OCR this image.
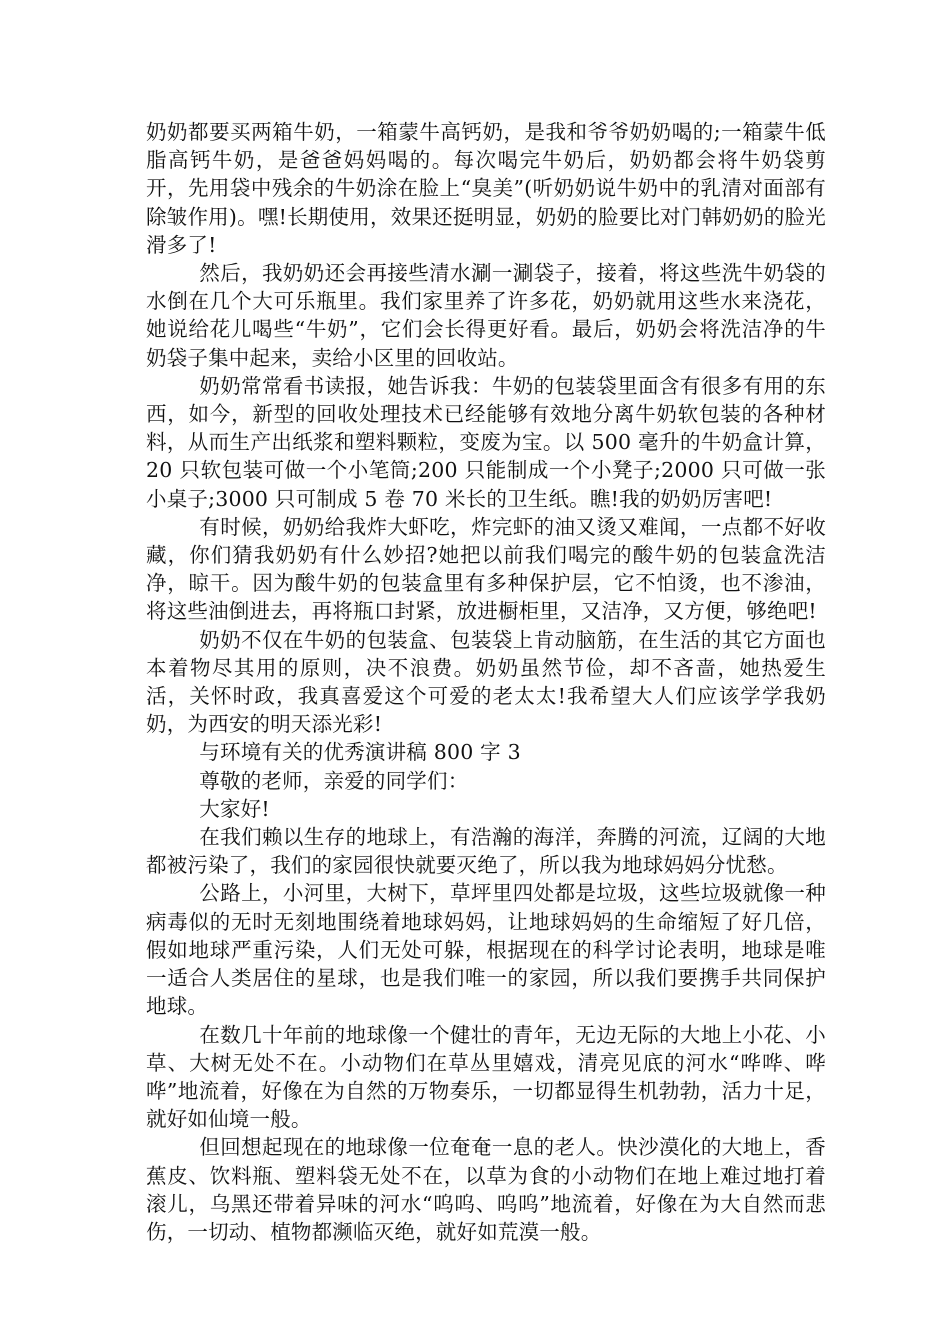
奶奶都要买两箱牛奶，一箱蒙牛高钙奶，是我和爷爷奶奶喝的;一箱蒙牛低脂高钙牛奶，是爸爸妈妈喝的。每次喝完牛奶后，奶奶都会将牛奶袋剪开，先用袋中残余的牛奶涂在脸上“臭美”(听奶奶说牛奶中的乳清对面部有除皱作用)。嘿!长期使用，效果还挺明显，奶奶的脸要比对门韩奶奶的脸光滑多了!

然后，我奶奶还会再接些清水涮一涮袋子，接着，将这些洗牛奶袋的水倒在几个大可乐瓶里。我们家里养了许多花，奶奶就用这些水来浇花，她说给花儿喝些“牛奶”，它们会长得更好看。最后，奶奶会将洗洁净的牛奶袋子集中起来，卖给小区里的回收站。

奶奶常常看书读报，她告诉我：牛奶的包装袋里面含有很多有用的东西，如今，新型的回收处理技术已经能够有效地分离牛奶软包装的各种材料，从而生产出纸浆和塑料颗粒，变废为宝。以 500 毫升的牛奶盒计算，20 只软包装可做一个小笔筒;200 只能制成一个小凳子;2000 只可做一张小桌子;3000 只可制成 5 卷 70 米长的卫生纸。瞧!我的奶奶厉害吧!

有时候，奶奶给我炸大虾吃，炸完虾的油又烫又难闻，一点都不好收藏，你们猜我奶奶有什么妙招?她把以前我们喝完的酸牛奶的包装盒洗洁净，晾干。因为酸牛奶的包装盒里有多种保护层，它不怕烫，也不渗油，将这些油倒进去，再将瓶口封紧，放进橱柜里，又洁净，又方便，够绝吧!

奶奶不仅在牛奶的包装盒、包装袋上肯动脑筋，在生活的其它方面也本着物尽其用的原则，决不浪费。奶奶虽然节俭，却不吝啬，她热爱生活，关怀时政，我真喜爱这个可爱的老太太!我希望大人们应该学学我奶奶，为西安的明天添光彩!

与环境有关的优秀演讲稿 800 字 3

尊敬的老师，亲爱的同学们：

大家好!

在我们赖以生存的地球上，有浩瀚的海洋，奔腾的河流，辽阔的大地都被污染了，我们的家园很快就要灭绝了，所以我为地球妈妈分忧愁。

公路上，小河里，大树下，草坪里四处都是垃圾，这些垃圾就像一种病毒似的无时无刻地围绕着地球妈妈，让地球妈妈的生命缩短了好几倍，假如地球严重污染，人们无处可躲，根据现在的科学讨论表明，地球是唯一适合人类居住的星球，也是我们唯一的家园，所以我们要携手共同保护地球。

在数几十年前的地球像一个健壮的青年，无边无际的大地上小花、小草、大树无处不在。小动物们在草丛里嬉戏，清亮见底的河水“哗哗、哗哗”地流着，好像在为自然的万物奏乐，一切都显得生机勃勃，活力十足，就好如仙境一般。

但回想起现在的地球像一位奄奄一息的老人。快沙漠化的大地上，香蕉皮、饮料瓶、塑料袋无处不在，以草为食的小动物们在地上难过地打着滚儿，乌黑还带着异味的河水“呜呜、呜呜”地流着，好像在为大自然而悲伤，一切动、植物都濒临灭绝，就好如荒漠一般。
